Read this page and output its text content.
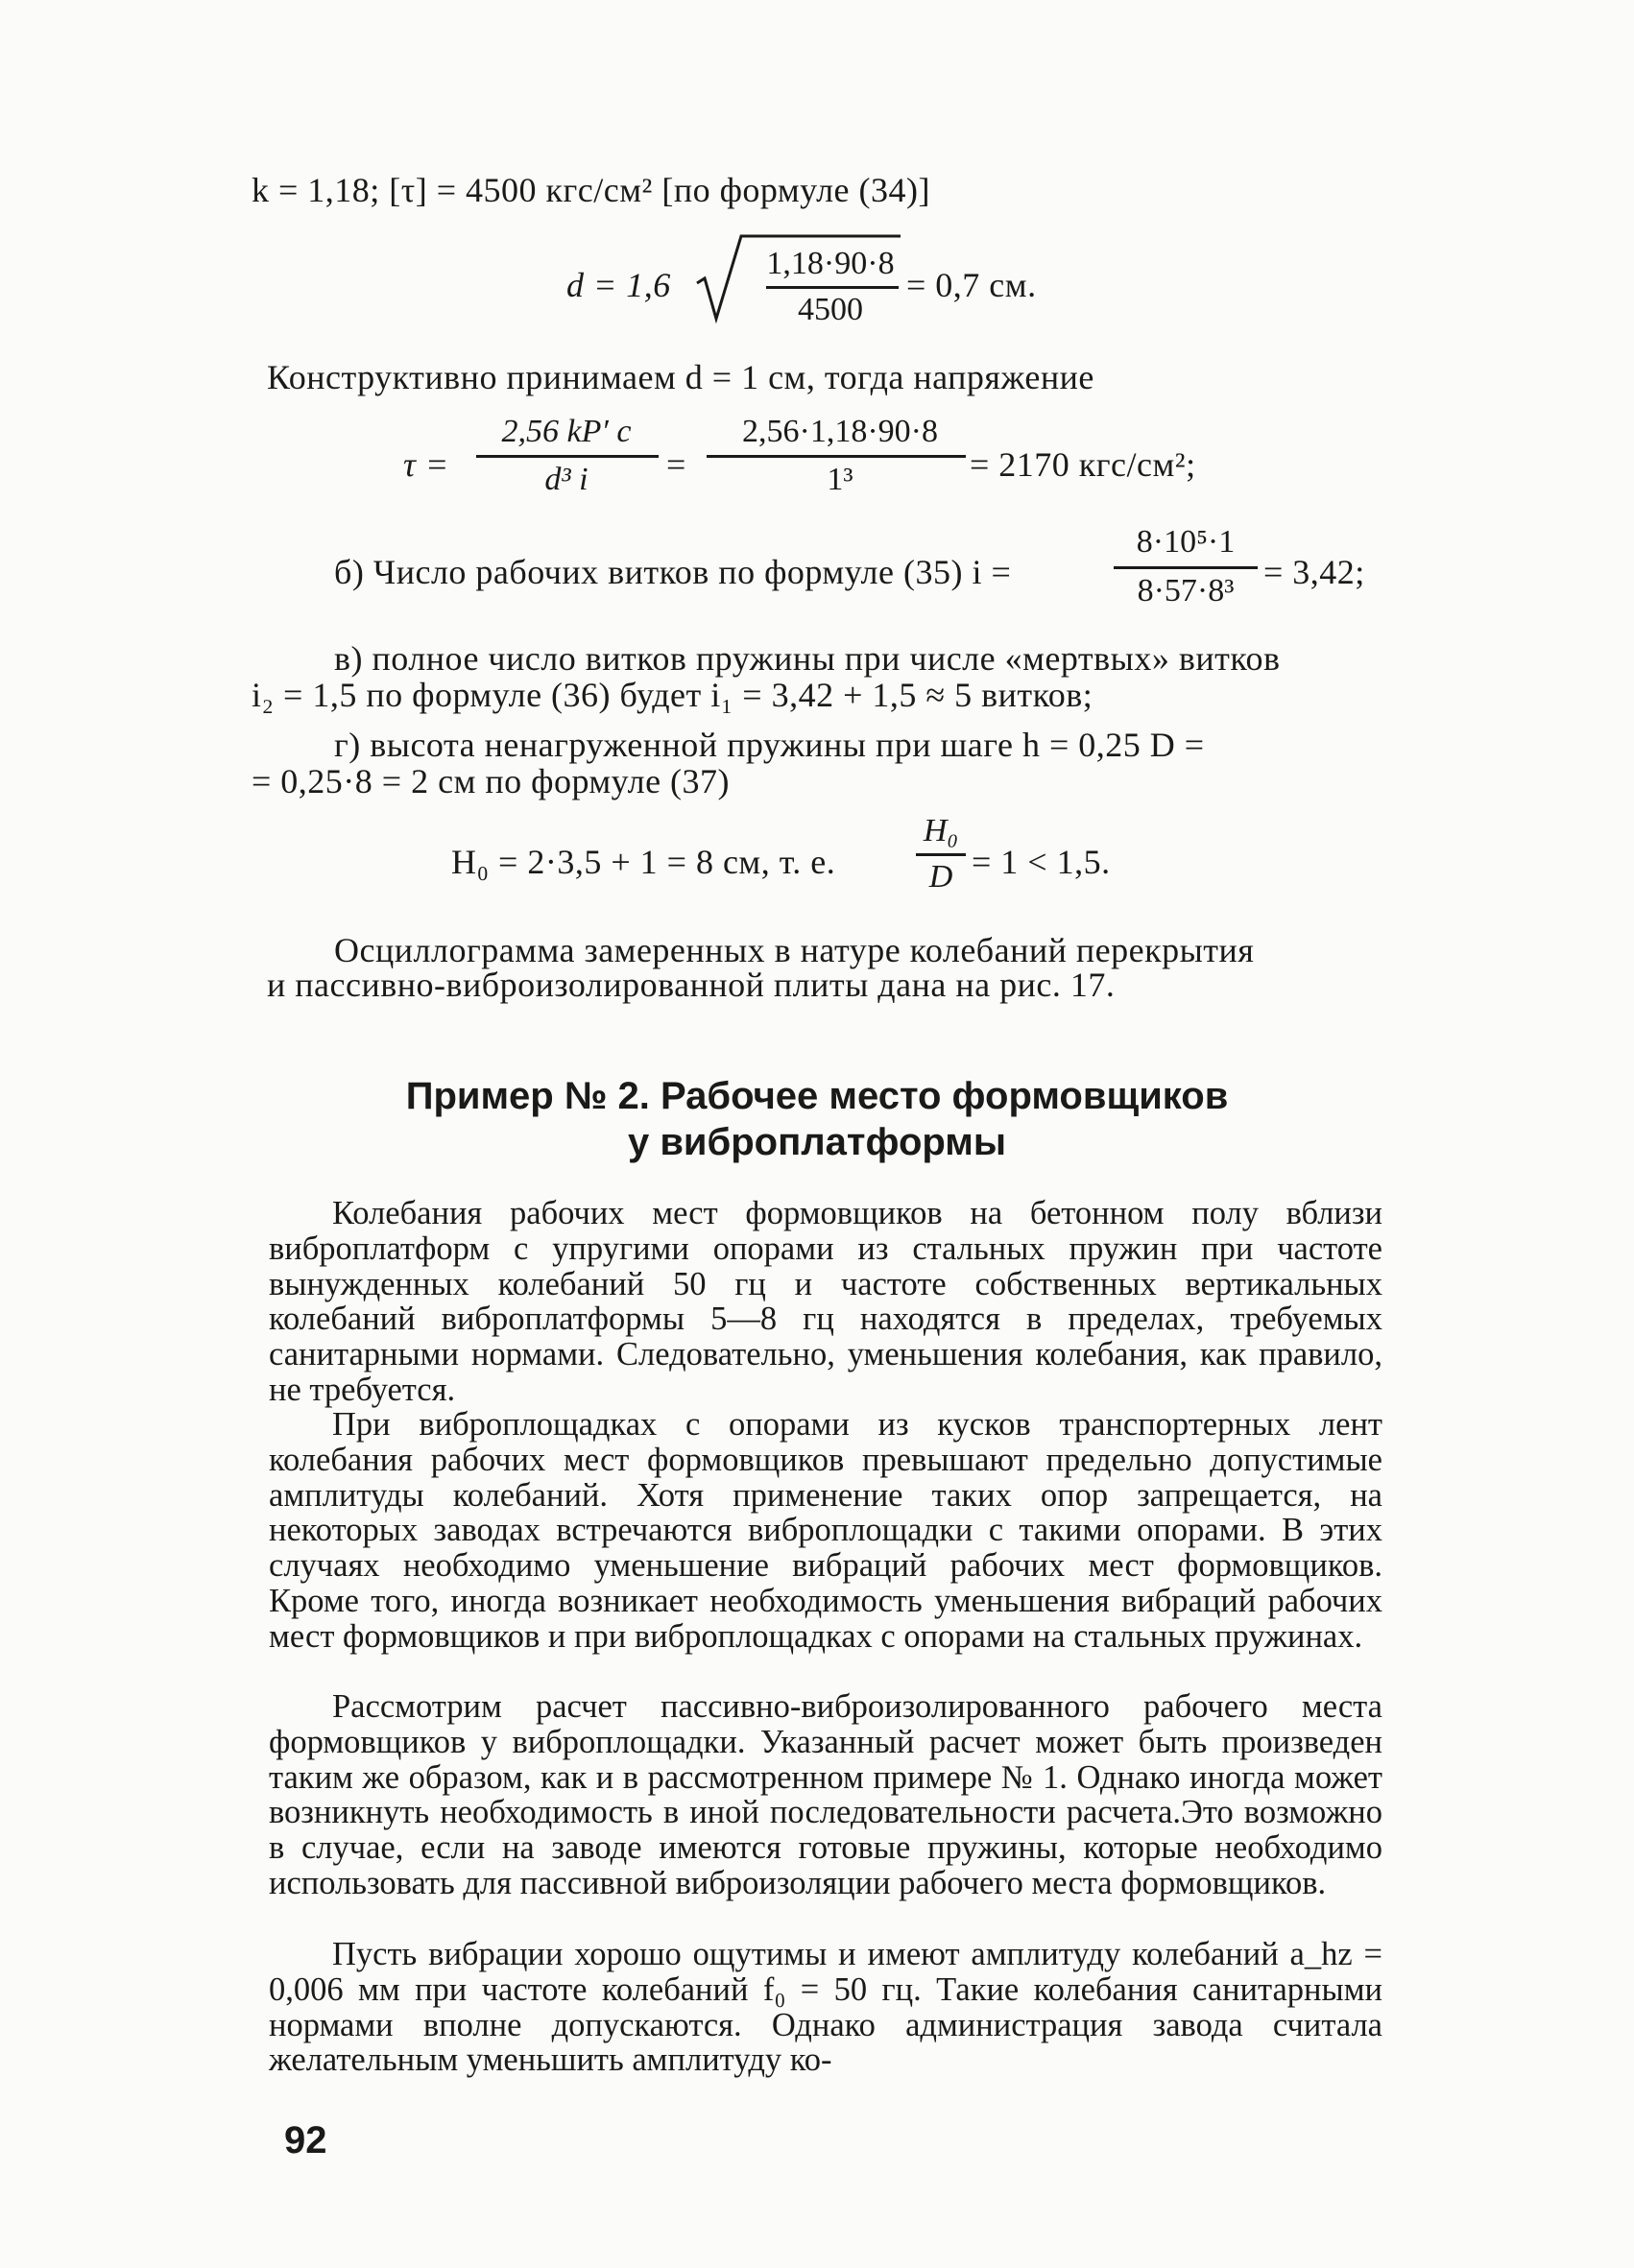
k = 1,18; [τ] = 4500 кгс/см² [по формуле (34)]
d = 1,6
1,18·90·8
4500
= 0,7 см.
Конструктивно принимаем d = 1 см, тогда напряжение
τ =
2,56 kP′ c
d³ i	=
2,56·1,18·90·8
1³	= 2170 кгс/см²;
б) Число рабочих витков по формуле (35) i =
8·10⁵·1
8·57·8³ = 3,42;
в) полное число витков пружины при числе «мертвых» витков
i₂ = 1,5 по формуле (36) будет i₁ = 3,42 + 1,5 ≈ 5 витков;
г) высота ненагруженной пружины при шаге h = 0,25 D =
= 0,25·8 = 2 см по формуле (37)
H₀ = 2·3,5 + 1 = 8 см, т. е.
H₀
D = 1 < 1,5.
Осциллограмма замеренных в натуре колебаний перекрытия
и пассивно-виброизолированной плиты дана на рис. 17.
Пример № 2. Рабочее место формовщиков
у виброплатформы
Колебания рабочих мест формовщиков на бетонном полу вблизи виброплатформ с упругими опорами из стальных пружин при частоте вынужденных колебаний 50 гц и частоте собственных вертикальных колебаний виброплатформы 5—8 гц находятся в пределах, требуемых санитарными нормами. Следовательно, уменьшения колебания, как правило, не требуется.
При виброплощадках с опорами из кусков транспортерных лент колебания рабочих мест формовщиков превышают предельно допустимые амплитуды колебаний. Хотя применение таких опор запрещается, на некоторых заводах встречаются виброплощадки с такими опорами. В этих случаях необходимо уменьшение вибраций рабочих мест формовщиков. Кроме того, иногда возникает необходимость уменьшения вибраций рабочих мест формовщиков и при виброплощадках с опорами на стальных пружинах.
Рассмотрим расчет пассивно-виброизолированного рабочего места формовщиков у виброплощадки. Указанный расчет может быть произведен таким же образом, как и в рассмотренном примере № 1. Однако иногда может возникнуть необходимость в иной последовательности расчета.Это возможно в случае, если на заводе имеются готовые пружины, которые необходимо использовать для пассивной виброизоляции рабочего места формовщиков.
Пусть вибрации хорошо ощутимы и имеют амплитуду колебаний a_hz = 0,006 мм при частоте колебаний f₀ = 50 гц. Такие колебания санитарными нормами вполне допускаются. Однако администрация завода считала желательным уменьшить амплитуду ко-
92
